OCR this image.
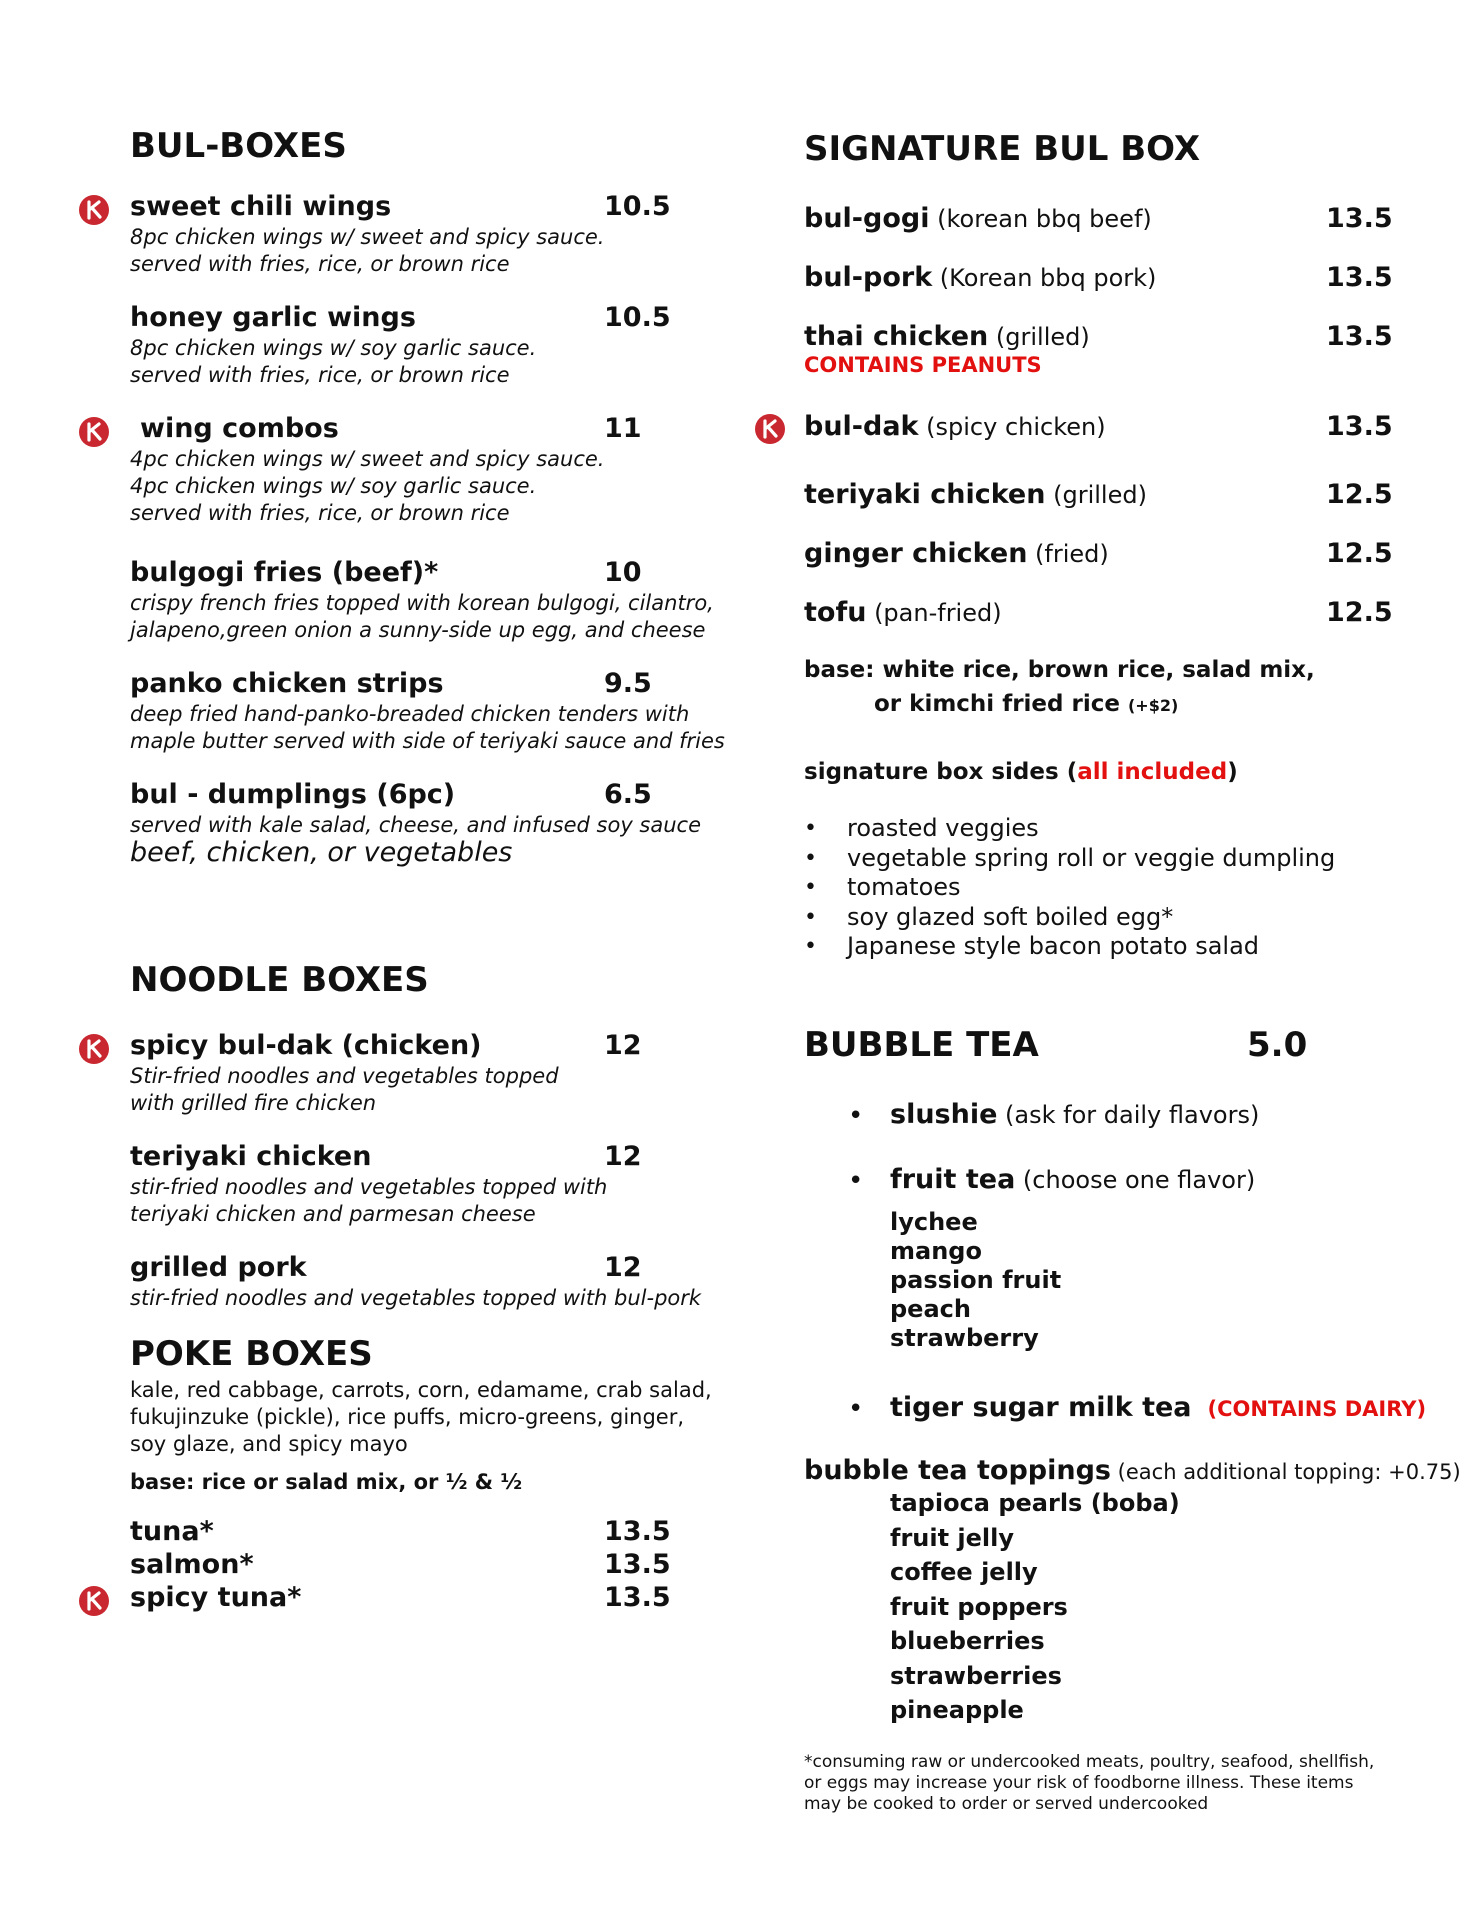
BUL-BOXES
sweet chili wings	10.5
8pc chicken wings w/ sweet and spicy sauce.
served with fries, rice, or brown rice
honey garlic wings	10.5
8pc chicken wings w/ soy garlic sauce.
served with fries, rice, or brown rice
wing combos	11
4pc chicken wings w/ sweet and spicy sauce.
4pc chicken wings w/ soy garlic sauce.
served with fries, rice, or brown rice
bulgogi fries (beef)*	10
crispy french fries topped with korean bulgogi, cilantro,
jalapeno,green onion a sunny-side up egg, and cheese
panko chicken strips	9.5
deep fried hand-panko-breaded chicken tenders with
maple butter served with side of teriyaki sauce and fries
bul - dumplings (6pc)	6.5
served with kale salad, cheese, and infused soy sauce
beef, chicken, or vegetables
NOODLE BOXES
spicy bul-dak (chicken)	12
Stir-fried noodles and vegetables topped
with grilled fire chicken
teriyaki chicken	12
stir-fried noodles and vegetables topped with
teriyaki chicken and parmesan cheese
grilled pork	12
stir-fried noodles and vegetables topped with bul-pork
POKE BOXES
kale, red cabbage, carrots, corn, edamame, crab salad,
fukujinzuke (pickle), rice puffs, micro-greens, ginger,
soy glaze, and spicy mayo
base: rice or salad mix, or ½ & ½
tuna*	13.5
salmon*	13.5
spicy tuna*	13.5
SIGNATURE BUL BOX
bul-gogi (korean bbq beef)	13.5
bul-pork (Korean bbq pork)	13.5
thai chicken (grilled)	13.5
CONTAINS PEANUTS
bul-dak (spicy chicken)	13.5
teriyaki chicken (grilled)	12.5
ginger chicken (fried)	12.5
tofu (pan-fried)	12.5
base: white rice, brown rice, salad mix,
or kimchi fried rice (+$2)
signature box sides (all included)
• roasted veggies
• vegetable spring roll or veggie dumpling
• tomatoes
• soy glazed soft boiled egg*
• Japanese style bacon potato salad
BUBBLE TEA	5.0
• slushie (ask for daily flavors)
• fruit tea (choose one flavor)
lychee
mango
passion fruit
peach
strawberry
• tiger sugar milk tea (CONTAINS DAIRY)
bubble tea toppings (each additional topping: +0.75)
tapioca pearls (boba)
fruit jelly
coffee jelly
fruit poppers
blueberries
strawberries
pineapple
*consuming raw or undercooked meats, poultry, seafood, shellfish,
or eggs may increase your risk of foodborne illness. These items
may be cooked to order or served undercooked
